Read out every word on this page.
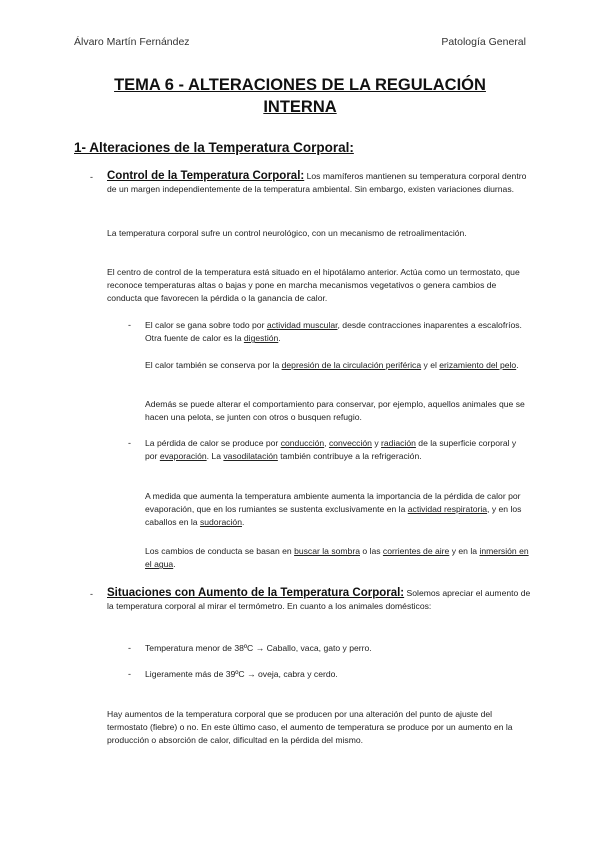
Álvaro Martín Fernández	Patología General
TEMA 6 - ALTERACIONES DE LA REGULACIÓN
INTERNA
1- Alteraciones de la Temperatura Corporal:
- Control de la Temperatura Corporal: Los mamíferos mantienen su temperatura corporal dentro de un margen independientemente de la temperatura ambiental. Sin embargo, existen variaciones diurnas.

La temperatura corporal sufre un control neurológico, con un mecanismo de retroalimentación.

El centro de control de la temperatura está situado en el hipotálamo anterior. Actúa como un termostato, que reconoce temperaturas altas o bajas y pone en marcha mecanismos vegetativos o genera cambios de conducta que favorecen la pérdida o la ganancia de calor.

- El calor se gana sobre todo por actividad muscular, desde contracciones inaparentes a escalofríos. Otra fuente de calor es la digestión.

El calor también se conserva por la depresión de la circulación periférica y el erizamiento del pelo.

Además se puede alterar el comportamiento para conservar, por ejemplo, aquellos animales que se hacen una pelota, se junten con otros o busquen refugio.

- La pérdida de calor se produce por conducción, convección y radiación de la superficie corporal y por evaporación. La vasodilatación también contribuye a la refrigeración.

A medida que aumenta la temperatura ambiente aumenta la importancia de la pérdida de calor por evaporación, que en los rumiantes se sustenta exclusivamente en la actividad respiratoria, y en los caballos en la sudoración.

Los cambios de conducta se basan en buscar la sombra o las corrientes de aire y en la inmersión en el agua.

- Situaciones con Aumento de la Temperatura Corporal: Solemos apreciar el aumento de la temperatura corporal al mirar el termómetro. En cuanto a los animales domésticos:

- Temperatura menor de 38ºC → Caballo, vaca, gato y perro.

- Ligeramente más de 39ºC → oveja, cabra y cerdo.

Hay aumentos de la temperatura corporal que se producen por una alteración del punto de ajuste del termostato (fiebre) o no. En este último caso, el aumento de temperatura se produce por un aumento en la producción o absorción de calor, dificultad en la pérdida del mismo.
